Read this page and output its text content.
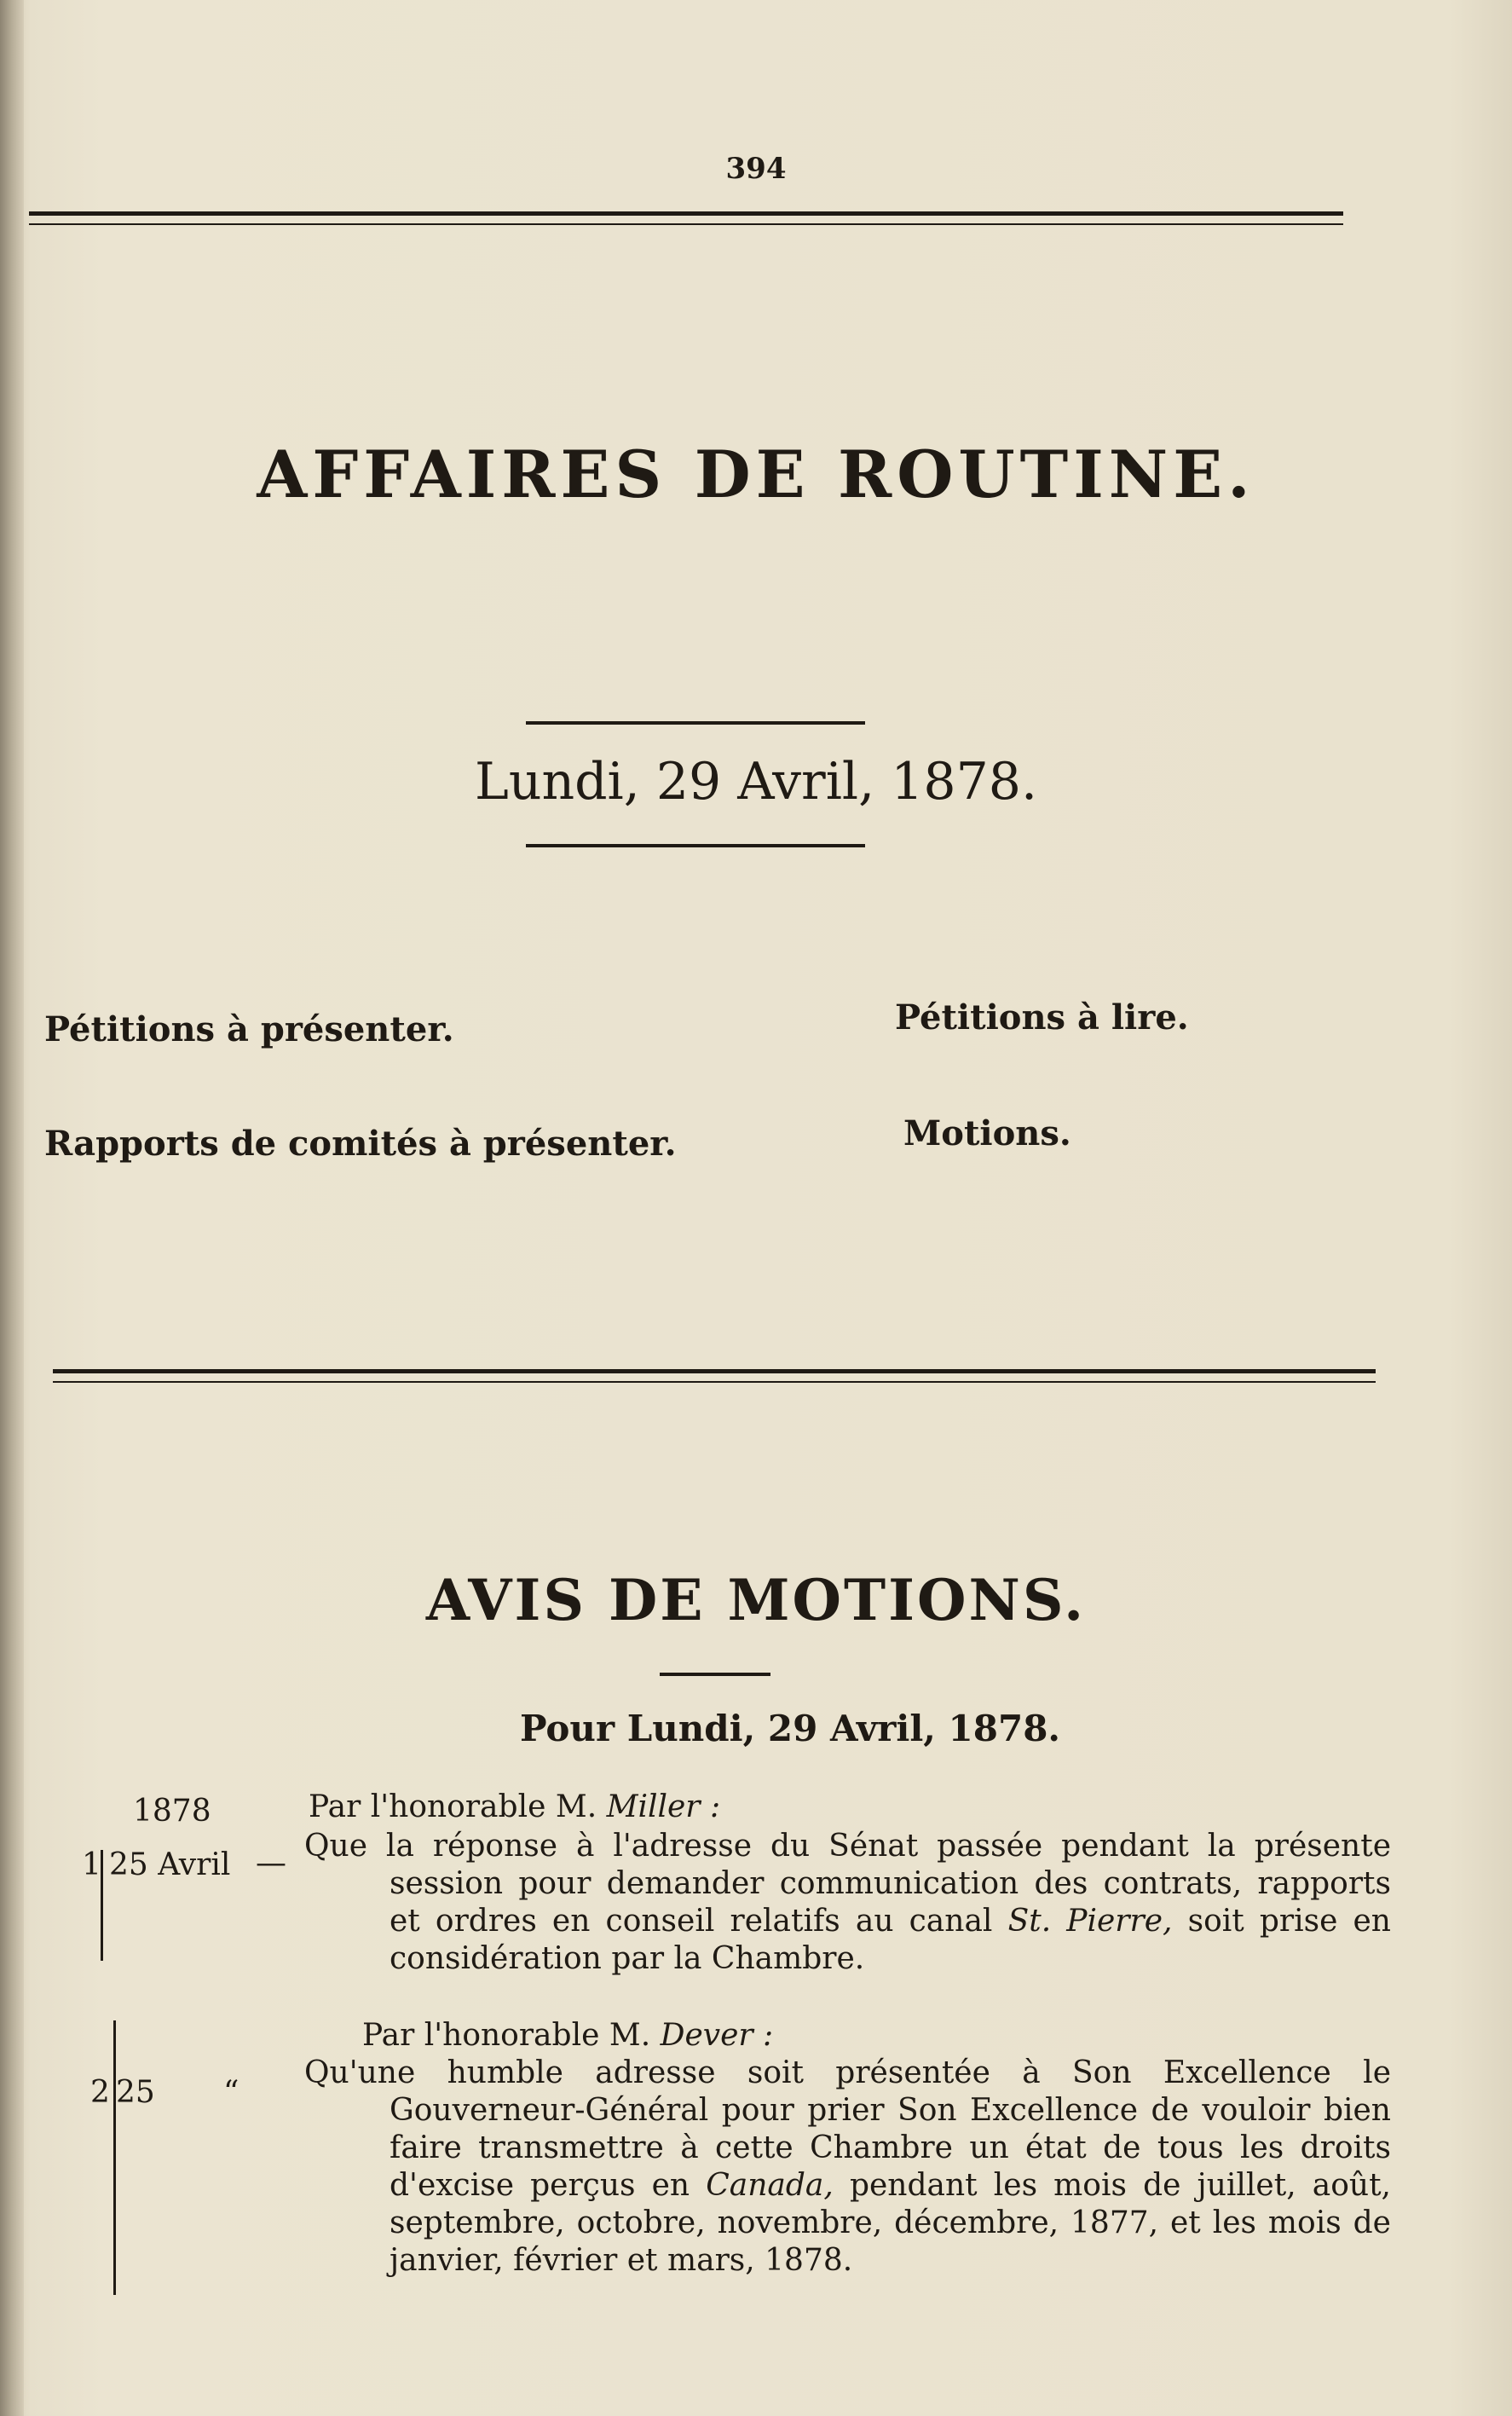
394
AFFAIRES DE ROUTINE.
Lundi, 29 Avril, 1878.
Pétitions à présenter.	Pétitions à lire.
Rapports de comités à présenter.	Motions.
AVIS DE MOTIONS.
Pour Lundi, 29 Avril, 1878.
1878	Par l'honorable M. Miller :
1 25 Avril — Que la réponse à l'adresse du Sénat passée pendant la présente session pour demander communication des contrats, rapports et ordres en conseil relatifs au canal St. Pierre, soit prise en considération par la Chambre.
Par l'honorable M. Dever :
2 25 “
Qu'une humble adresse soit présentée à Son Excellence le Gouverneur-Général pour prier Son Excellence de vouloir bien faire transmettre à cette Chambre un état de tous les droits d'excise perçus en Canada, pendant les mois de juillet, août, septembre, octobre, novembre, décembre, 1877, et les mois de janvier, février et mars, 1878.
